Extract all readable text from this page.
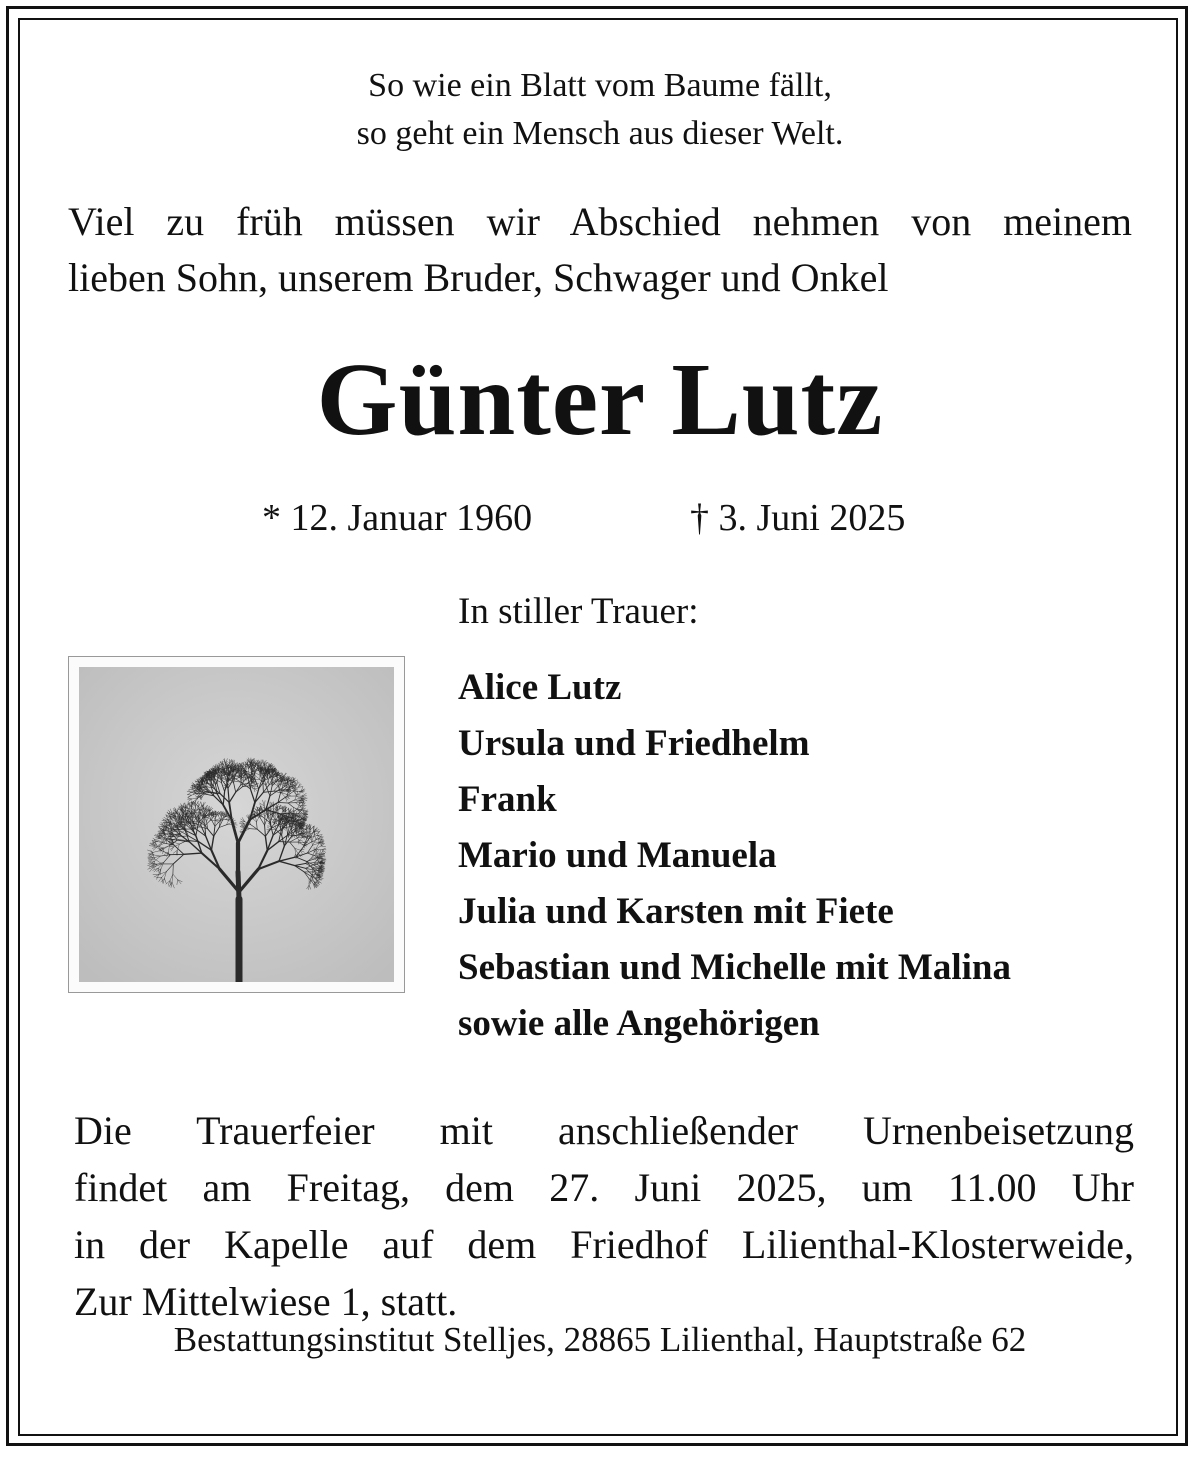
So wie ein Blatt vom Baume fällt,
so geht ein Mensch aus dieser Welt.
Viel zu früh müssen wir Abschied nehmen von meinem
lieben Sohn, unserem Bruder, Schwager und Onkel
Günter Lutz
* 12. Januar 1960	† 3. Juni 2025
In stiller Trauer:
Alice Lutz
Ursula und Friedhelm
Frank
Mario und Manuela
Julia und Karsten mit Fiete
Sebastian und Michelle mit Malina
sowie alle Angehörigen
Die Trauerfeier mit anschließender Urnenbeisetzung
findet am Freitag, dem 27. Juni 2025, um 11.00 Uhr
in der Kapelle auf dem Friedhof Lilienthal-Klosterweide,
Zur Mittelwiese 1, statt.
Bestattungsinstitut Stelljes, 28865 Lilienthal, Hauptstraße 62
